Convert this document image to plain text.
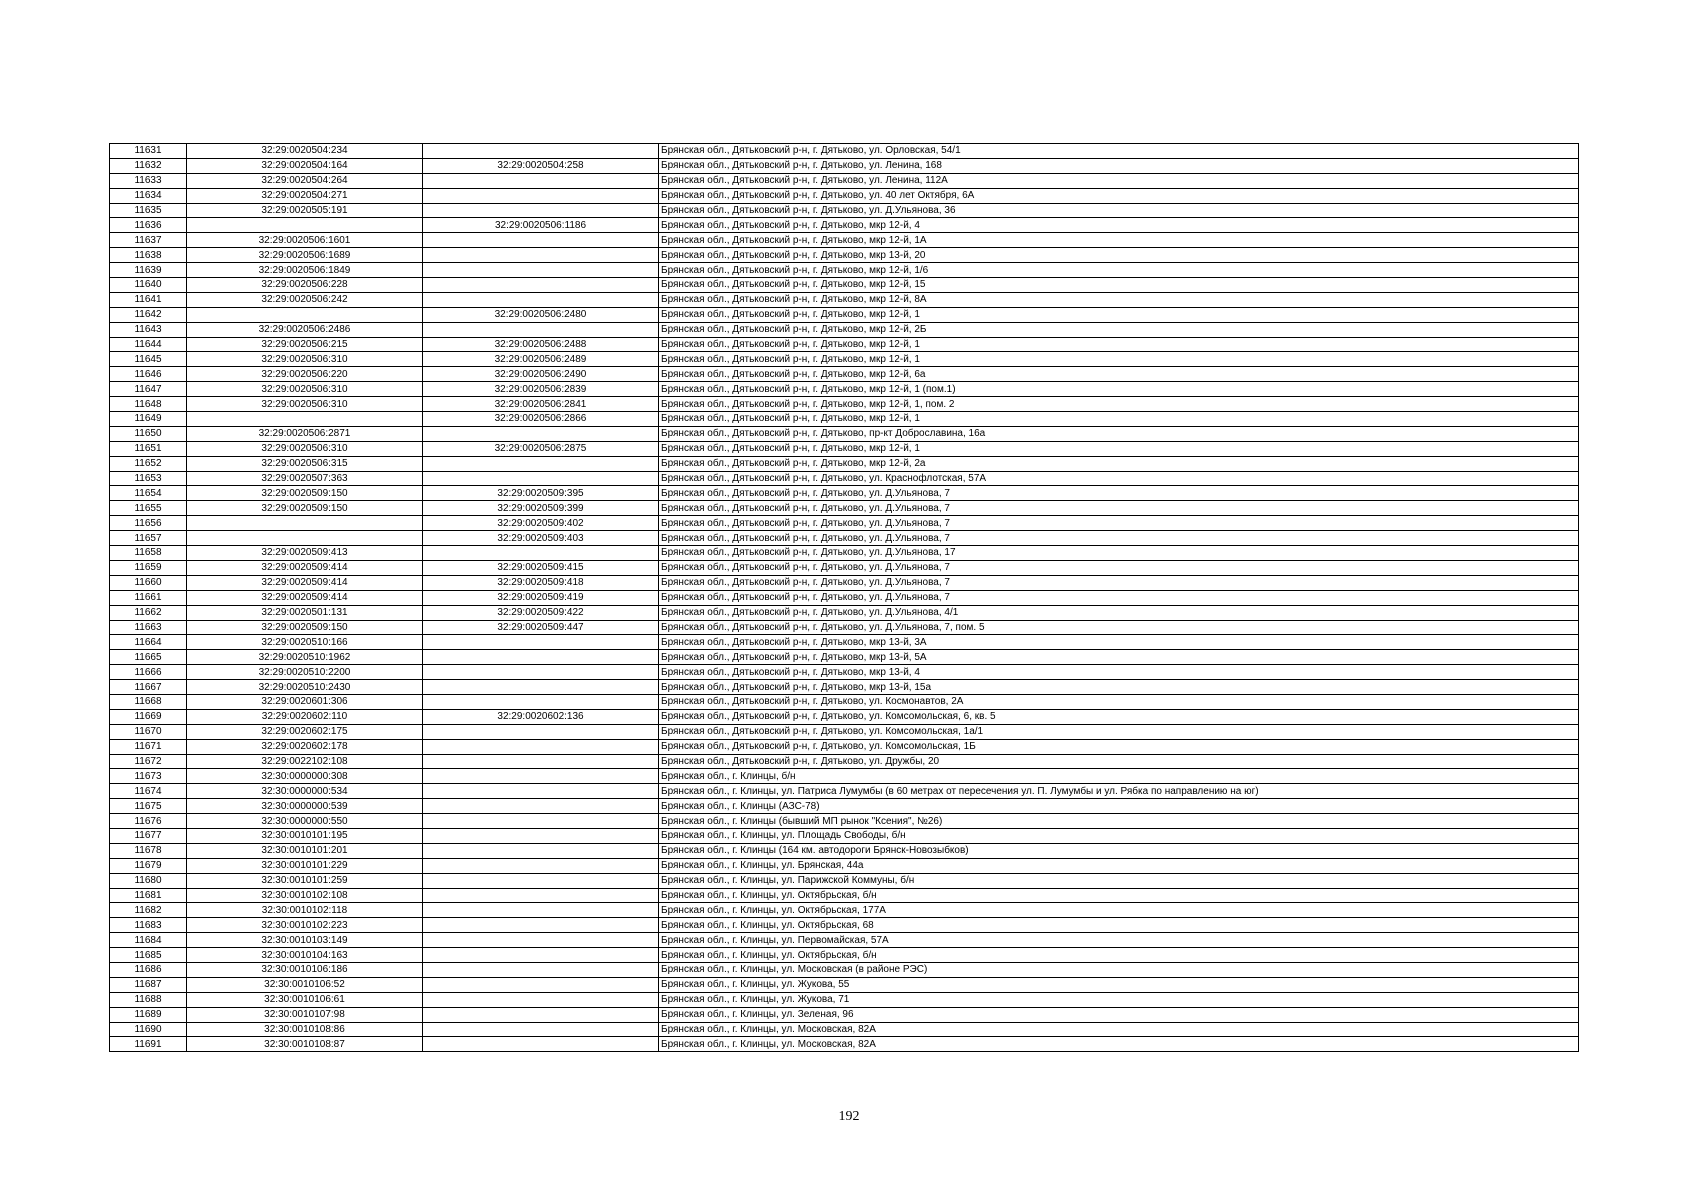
11631	32:29:0020504:234		Брянская обл., Дятьковский р-н, г. Дятьково, ул. Орловская, 54/1
11632	32:29:0020504:164	32:29:0020504:258	Брянская обл., Дятьковский р-н, г. Дятьково, ул. Ленина, 168
11633	32:29:0020504:264		Брянская обл., Дятьковский р-н, г. Дятьково, ул. Ленина, 112А
11634	32:29:0020504:271		Брянская обл., Дятьковский р-н, г. Дятьково, ул. 40 лет Октября, 6А
11635	32:29:0020505:191		Брянская обл., Дятьковский р-н, г. Дятьково, ул. Д.Ульянова, 36
11636		32:29:0020506:1186	Брянская обл., Дятьковский р-н, г. Дятьково, мкр 12-й, 4
11637	32:29:0020506:1601		Брянская обл., Дятьковский р-н, г. Дятьково, мкр 12-й, 1А
11638	32:29:0020506:1689		Брянская обл., Дятьковский р-н, г. Дятьково, мкр 13-й, 20
11639	32:29:0020506:1849		Брянская обл., Дятьковский р-н, г. Дятьково, мкр 12-й, 1/6
11640	32:29:0020506:228		Брянская обл., Дятьковский р-н, г. Дятьково, мкр 12-й, 15
11641	32:29:0020506:242		Брянская обл., Дятьковский р-н, г. Дятьково, мкр 12-й, 8А
11642		32:29:0020506:2480	Брянская обл., Дятьковский р-н, г. Дятьково, мкр 12-й, 1
11643	32:29:0020506:2486		Брянская обл., Дятьковский р-н, г. Дятьково, мкр 12-й, 2Б
11644	32:29:0020506:215	32:29:0020506:2488	Брянская обл., Дятьковский р-н, г. Дятьково, мкр 12-й, 1
11645	32:29:0020506:310	32:29:0020506:2489	Брянская обл., Дятьковский р-н, г. Дятьково, мкр 12-й, 1
11646	32:29:0020506:220	32:29:0020506:2490	Брянская обл., Дятьковский р-н, г. Дятьково, мкр 12-й, 6а
11647	32:29:0020506:310	32:29:0020506:2839	Брянская обл., Дятьковский р-н, г. Дятьково, мкр 12-й, 1 (пом.1)
11648	32:29:0020506:310	32:29:0020506:2841	Брянская обл., Дятьковский р-н, г. Дятьково, мкр 12-й, 1, пом. 2
11649		32:29:0020506:2866	Брянская обл., Дятьковский р-н, г. Дятьково, мкр 12-й, 1
11650	32:29:0020506:2871		Брянская обл., Дятьковский р-н, г. Дятьково, пр-кт Доброславина, 16а
11651	32:29:0020506:310	32:29:0020506:2875	Брянская обл., Дятьковский р-н, г. Дятьково, мкр 12-й, 1
11652	32:29:0020506:315		Брянская обл., Дятьковский р-н, г. Дятьково, мкр 12-й, 2а
11653	32:29:0020507:363		Брянская обл., Дятьковский р-н, г. Дятьково, ул. Краснофлотская, 57А
11654	32:29:0020509:150	32:29:0020509:395	Брянская обл., Дятьковский р-н, г. Дятьково, ул. Д.Ульянова, 7
11655	32:29:0020509:150	32:29:0020509:399	Брянская обл., Дятьковский р-н, г. Дятьково, ул. Д.Ульянова, 7
11656		32:29:0020509:402	Брянская обл., Дятьковский р-н, г. Дятьково, ул. Д.Ульянова, 7
11657		32:29:0020509:403	Брянская обл., Дятьковский р-н, г. Дятьково, ул. Д.Ульянова, 7
11658	32:29:0020509:413		Брянская обл., Дятьковский р-н, г. Дятьково, ул. Д.Ульянова, 17
11659	32:29:0020509:414	32:29:0020509:415	Брянская обл., Дятьковский р-н, г. Дятьково, ул. Д.Ульянова, 7
11660	32:29:0020509:414	32:29:0020509:418	Брянская обл., Дятьковский р-н, г. Дятьково, ул. Д.Ульянова, 7
11661	32:29:0020509:414	32:29:0020509:419	Брянская обл., Дятьковский р-н, г. Дятьково, ул. Д.Ульянова, 7
11662	32:29:0020501:131	32:29:0020509:422	Брянская обл., Дятьковский р-н, г. Дятьково, ул. Д.Ульянова, 4/1
11663	32:29:0020509:150	32:29:0020509:447	Брянская обл., Дятьковский р-н, г. Дятьково, ул. Д.Ульянова, 7, пом. 5
11664	32:29:0020510:166		Брянская обл., Дятьковский р-н, г. Дятьково, мкр 13-й, 3А
11665	32:29:0020510:1962		Брянская обл., Дятьковский р-н, г. Дятьково, мкр 13-й, 5А
11666	32:29:0020510:2200		Брянская обл., Дятьковский р-н, г. Дятьково, мкр 13-й, 4
11667	32:29:0020510:2430		Брянская обл., Дятьковский р-н, г. Дятьково, мкр 13-й, 15а
11668	32:29:0020601:306		Брянская обл., Дятьковский р-н, г. Дятьково, ул. Космонавтов, 2А
11669	32:29:0020602:110	32:29:0020602:136	Брянская обл., Дятьковский р-н, г. Дятьково, ул. Комсомольская, 6, кв. 5
11670	32:29:0020602:175		Брянская обл., Дятьковский р-н, г. Дятьково, ул. Комсомольская, 1а/1
11671	32:29:0020602:178		Брянская обл., Дятьковский р-н, г. Дятьково, ул. Комсомольская, 1Б
11672	32:29:0022102:108		Брянская обл., Дятьковский р-н, г. Дятьково, ул. Дружбы, 20
11673	32:30:0000000:308		Брянская обл., г. Клинцы, б/н
11674	32:30:0000000:534		Брянская обл., г. Клинцы, ул. Патриса Лумумбы (в 60 метрах от пересечения ул. П. Лумумбы и ул. Рябка по направлению на юг)
11675	32:30:0000000:539		Брянская обл., г. Клинцы (АЗС-78)
11676	32:30:0000000:550		Брянская обл., г. Клинцы (бывший МП рынок "Ксения", №26)
11677	32:30:0010101:195		Брянская обл., г. Клинцы, ул. Площадь Свободы, б/н
11678	32:30:0010101:201		Брянская обл., г. Клинцы (164 км. автодороги Брянск-Новозыбков)
11679	32:30:0010101:229		Брянская обл., г. Клинцы, ул. Брянская, 44а
11680	32:30:0010101:259		Брянская обл., г. Клинцы, ул. Парижской Коммуны, б/н
11681	32:30:0010102:108		Брянская обл., г. Клинцы, ул. Октябрьская, б/н
11682	32:30:0010102:118		Брянская обл., г. Клинцы, ул. Октябрьская, 177А
11683	32:30:0010102:223		Брянская обл., г. Клинцы, ул. Октябрьская, 68
11684	32:30:0010103:149		Брянская обл., г. Клинцы, ул. Первомайская, 57А
11685	32:30:0010104:163		Брянская обл., г. Клинцы, ул. Октябрьская, б/н
11686	32:30:0010106:186		Брянская обл., г. Клинцы, ул. Московская (в районе РЭС)
11687	32:30:0010106:52		Брянская обл., г. Клинцы, ул. Жукова, 55
11688	32:30:0010106:61		Брянская обл., г. Клинцы, ул. Жукова, 71
11689	32:30:0010107:98		Брянская обл., г. Клинцы, ул. Зеленая, 96
11690	32:30:0010108:86		Брянская обл., г. Клинцы, ул. Московская, 82А
11691	32:30:0010108:87		Брянская обл., г. Клинцы, ул. Московская, 82А
192
